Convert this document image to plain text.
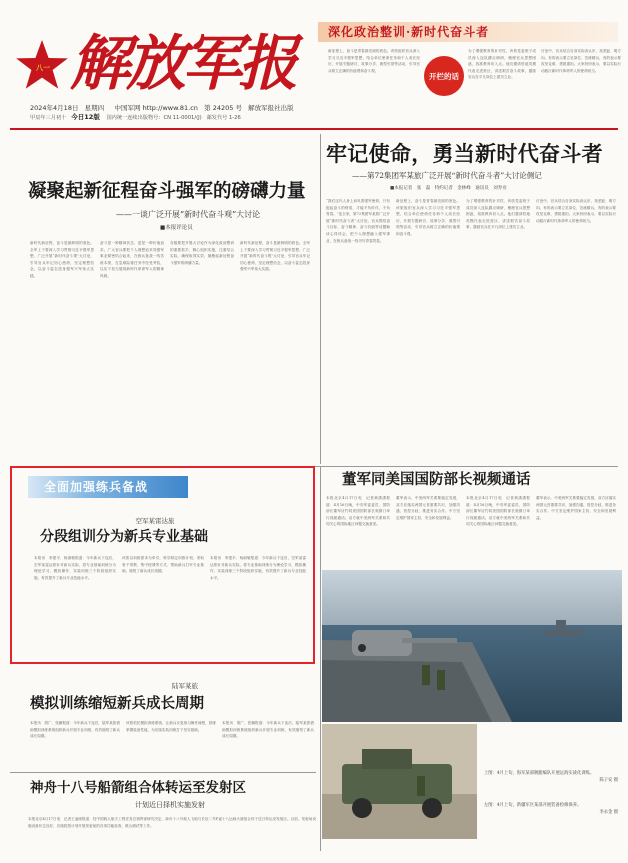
八一 解放军报
2024年4月18日 星期四 中国军网 http://www.81.cn 第 24205 号 解放军报社出版
甲辰年三月初十 今日12版 国内统一连续出版物号：CN 11-0001/(J) 邮发代号 1-26
深化政治整训·新时代奋斗者
新征程上，奋斗是青春最亮丽的底色。该旅组织官兵深入学习习近平强军思想，结合单位使命任务和个人成长经历，开展专题研讨、故事分享、典型引领等活动，引导官兵树立正确的价值观和奋斗观。
开栏的话
为了增强教育的针对性，该旅党委班子成员深入连队蹲点调研，梳理官兵思想困惑，找准教育切入点。他们邀请驻地英模代表走进营区，讲述艰苦奋斗故事，激励官兵在平凡岗位上建功立业。
讨论中，官兵结合自身实际谈认识、找差距、明方向。有的表示要立足岗位、苦练精兵，有的表示要攻坚克难、勇挑重担。大家纷纷表示，要以实际行动践行新时代革命军人的使命担当。
牢记使命，勇当新时代奋斗者
——第72集团军某旅广泛开展“新时代奋斗者”大讨论侧记
■本报记者　张　磊　特约记者　金林峰　通讯员　刘寿业
“我们这代人身上肩负着强军使命，只有挺起奋斗的脊梁，才能不负时代、不负青春。”连日来，第72集团军某旅广泛开展“新时代奋斗者”大讨论，官兵围绕奋斗目标、奋斗精神、奋斗价值等话题畅谈心得体会，把个人理想融入强军事业，在练兵备战一线书写青春答卷。
新征程上，奋斗是青春最亮丽的底色。该旅组织官兵深入学习习近平强军思想，结合单位使命任务和个人成长经历，开展专题研讨、故事分享、典型引领等活动，引导官兵树立正确的价值观和奋斗观。
为了增强教育的针对性，该旅党委班子成员深入连队蹲点调研，梳理官兵思想困惑，找准教育切入点。他们邀请驻地英模代表走进营区，讲述艰苦奋斗故事，激励官兵在平凡岗位上建功立业。
讨论中，官兵结合自身实际谈认识、找差距、明方向。有的表示要立足岗位、苦练精兵，有的表示要攻坚克难、勇挑重担。大家纷纷表示，要以实际行动践行新时代革命军人的使命担当。
凝聚起新征程奋斗强军的磅礴力量
——一谈广泛开展“新时代奋斗观”大讨论
■本报评论员
新时代新征程，奋斗是最鲜明的底色。全军上下要深入学习贯彻习近平强军思想，广泛开展“新时代奋斗观”大讨论，引导官兵牢记初心使命，坚定理想信念，以奋斗姿态投身强军兴军伟大实践。
奋斗是一种精神状态，更是一种价值追求。广大官兵要把个人理想追求同强军事业紧密结合起来，在练兵备战一线苦练本领，在急难险重任务中经受考验，以实干担当展现新时代革命军人的精神风貌。
各级要把开展大讨论作为深化政治整训的重要抓手，精心组织实施，注重结合实际，确保取得实效，凝聚起新征程奋斗强军的磅礴力量。
新时代新征程，奋斗是最鲜明的底色。全军上下要深入学习贯彻习近平强军思想，广泛开展“新时代奋斗观”大讨论，引导官兵牢记初心使命，坚定理想信念，以奋斗姿态投身强军兴军伟大实践。
全面加强练兵备战
空军某雷达旅
分段组训分为新兵专业基础
本报讯　李建平、杨淑敏报道：今年新兵下连后，空军某雷达旅针对新兵实际，将专业基础训练分为理论学习、模拟操作、实装训练三个阶段组织实施，有效提升了新兵专业技能水平。
该旅以训练需求为牵引，科学制定训练计划，采取骨干带教、集中授课等方式，帮助新兵打牢专业基础，缩短了新兵成长周期。
本报讯　李建平、杨淑敏报道：今年新兵下连后，空军某雷达旅针对新兵实际，将专业基础训练分为理论学习、模拟操作、实装训练三个阶段组织实施，有效提升了新兵专业技能水平。
陆军某旅
模拟训练缩短新兵成长周期
本报讯　胡广、张鹏报道：今年新兵下连后，陆军某旅借助模拟训练系统组织新兵开展专业训练，有效缩短了新兵成长周期。
该旅依托模拟训练系统，让新兵反复练习操作流程，熟练掌握装备性能，为后续实装训练打下坚实基础。
本报讯　胡广、张鹏报道：今年新兵下连后，陆军某旅借助模拟训练系统组织新兵开展专业训练，有效缩短了新兵成长周期。
董军同美国国防部长视频通话
本报北京4月17日电　记者黄潇潇报道：4月16日晚，中央军委委员、国防部长董军应约同美国国防部长奥斯汀举行视频通话。双方就中美两军关系和共同关心的国际地区问题交换意见。
董军表示，中美两军关系要稳定发展，双方应落实两国元首重要共识，加强沟通，管控分歧，推进务实合作。中方坚定维护国家主权、安全和发展利益。
本报北京4月17日电　记者黄潇潇报道：4月16日晚，中央军委委员、国防部长董军应约同美国国防部长奥斯汀举行视频通话。双方就中美两军关系和共同关心的国际地区问题交换意见。
董军表示，中美两军关系要稳定发展，双方应落实两国元首重要共识，加强沟通，管控分歧，推进务实合作。中方坚定维护国家主权、安全和发展利益。
上图：4月上旬，海军某部舰艇编队开展远海实战化训练。

陈子安 摄
左图：4月上旬，新疆军区某部开展装备检修保养。

李永金 摄
神舟十八号船箭组合体转运至发射区
计划近日择机实施发射
本报北京4月17日电　记者王凌硕报道：经中国载人航天工程任务总指挥部研究决定，神舟十八号载人飞船与长征二号F遥十八运载火箭组合体于近日转运至发射区。目前，发射场设施设备状态良好，后续将按计划开展发射前的各项功能检查、联合测试等工作。
